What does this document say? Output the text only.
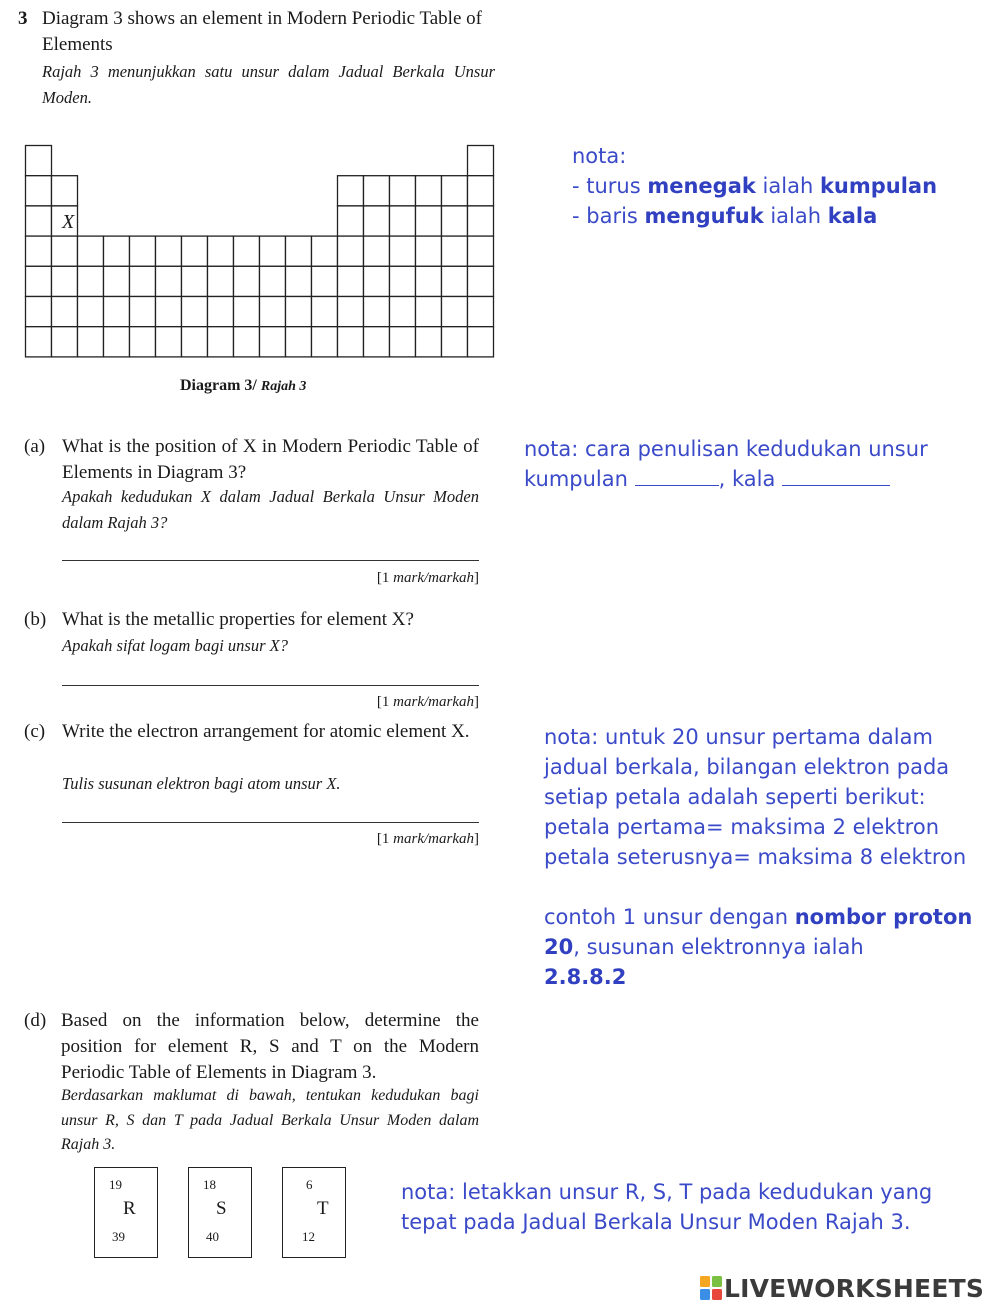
3 Diagram 3 shows an element in Modern Periodic Table of Elements
Rajah 3 menunjukkan satu unsur dalam Jadual Berkala Unsur Moden.
X
Diagram 3/ Rajah 3
nota:
- turus menegak ialah kumpulan
- baris mengufuk ialah kala
(a) What is the position of X in Modern Periodic Table of Elements in Diagram 3?
Apakah kedudukan X dalam Jadual Berkala Unsur Moden dalam Rajah 3?
[1 mark/markah]
nota: cara penulisan kedudukan unsur
kumpulan	, kala
(b) What is the metallic properties for element X?
Apakah sifat logam bagi unsur X?
[1 mark/markah]
(c) Write the electron arrangement for atomic element X.
Tulis susunan elektron bagi atom unsur X.
[1 mark/markah]
nota: untuk 20 unsur pertama dalam
jadual berkala, bilangan elektron pada
setiap petala adalah seperti berikut:
petala pertama= maksima 2 elektron
petala seterusnya= maksima 8 elektron
contoh 1 unsur dengan nombor proton
20, susunan elektronnya ialah
2.8.8.2
(d) Based on the information below, determine the position for element R, S and T on the Modern Periodic Table of Elements in Diagram 3.
Berdasarkan maklumat di bawah, tentukan kedudukan bagi unsur R, S dan T pada Jadual Berkala Unsur Moden dalam Rajah 3.
19
R
39
18
S
40
6
T
12
nota: letakkan unsur R, S, T pada kedudukan yang
tepat pada Jadual Berkala Unsur Moden Rajah 3.
LIVEWORKSHEETS
